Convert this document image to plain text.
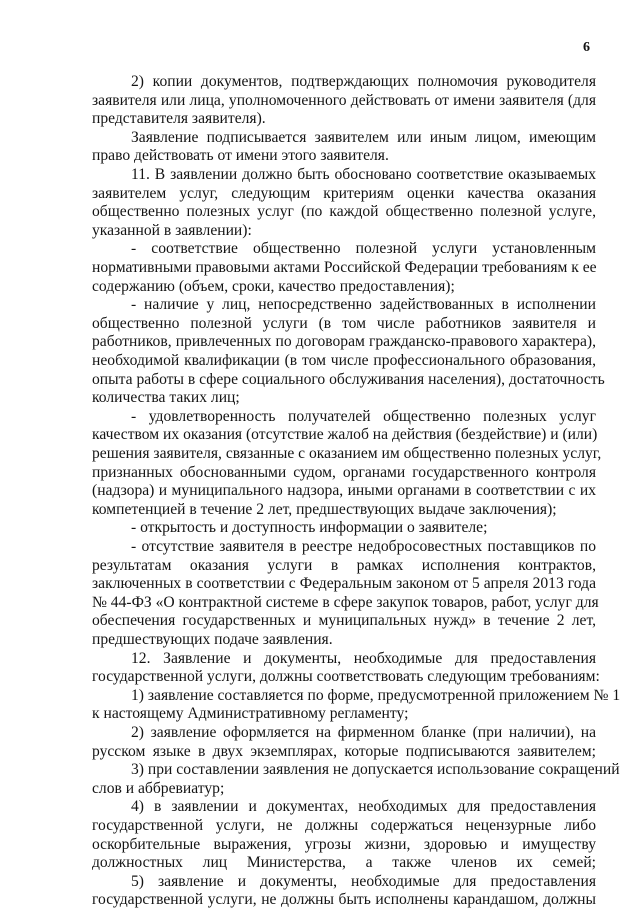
6
2) копии документов, подтверждающих полномочия руководителя
заявителя или лица, уполномоченного действовать от имени заявителя (для
представителя заявителя).
Заявление подписывается заявителем или иным лицом, имеющим
право действовать от имени этого заявителя.
11. В заявлении должно быть обосновано соответствие оказываемых
заявителем услуг, следующим критериям оценки качества оказания
общественно полезных услуг (по каждой общественно полезной услуге,
указанной в заявлении):
- соответствие общественно полезной услуги установленным
нормативными правовыми актами Российской Федерации требованиям к ее
содержанию (объем, сроки, качество предоставления);
- наличие у лиц, непосредственно задействованных в исполнении
общественно полезной услуги (в том числе работников заявителя и
работников, привлеченных по договорам гражданско-правового характера),
необходимой квалификации (в том числе профессионального образования,
опыта работы в сфере социального обслуживания населения), достаточность
количества таких лиц;
- удовлетворенность получателей общественно полезных услуг
качеством их оказания (отсутствие жалоб на действия (бездействие) и (или)
решения заявителя, связанные с оказанием им общественно полезных услуг,
признанных обоснованными судом, органами государственного контроля
(надзора) и муниципального надзора, иными органами в соответствии с их
компетенцией в течение 2 лет, предшествующих выдаче заключения);
- открытость и доступность информации о заявителе;
- отсутствие заявителя в реестре недобросовестных поставщиков по
результатам оказания услуги в рамках исполнения контрактов,
заключенных в соответствии с Федеральным законом от 5 апреля 2013 года
№ 44-ФЗ «О контрактной системе в сфере закупок товаров, работ, услуг для
обеспечения государственных и муниципальных нужд» в течение 2 лет,
предшествующих подаче заявления.
12. Заявление и документы, необходимые для предоставления
государственной услуги, должны соответствовать следующим требованиям:
1) заявление составляется по форме, предусмотренной приложением № 1
к настоящему Административному регламенту;
2) заявление оформляется на фирменном бланке (при наличии), на
русском языке в двух экземплярах, которые подписываются заявителем;
3) при составлении заявления не допускается использование сокращений
слов и аббревиатур;
4) в заявлении и документах, необходимых для предоставления
государственной услуги, не должны содержаться нецензурные либо
оскорбительные выражения, угрозы жизни, здоровью и имуществу
должностных лиц Министерства, а также членов их семей;
5) заявление и документы, необходимые для предоставления
государственной услуги, не должны быть исполнены карандашом, должны
